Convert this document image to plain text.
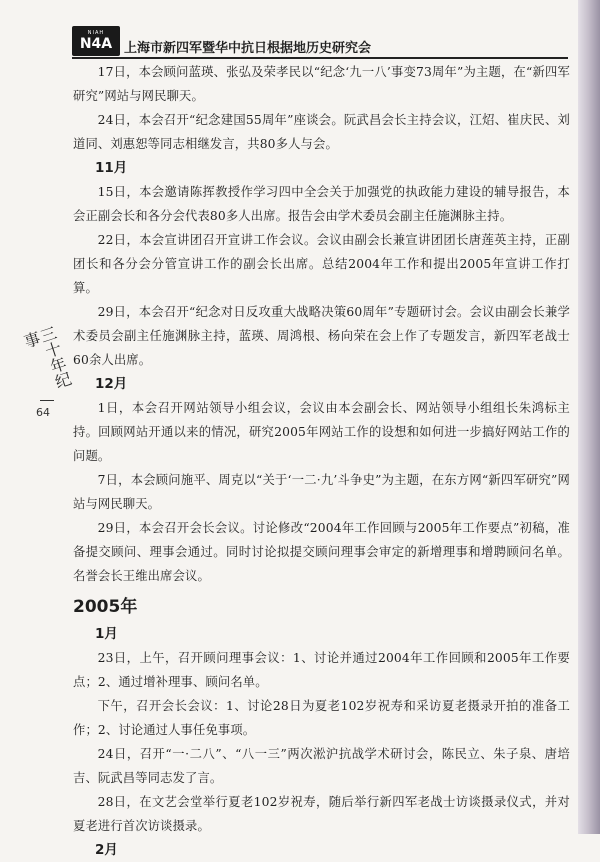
NIAH
N4A 上海市新四军暨华中抗日根据地历史研究会
三十年纪事
64

17日，本会顾问蓝瑛、张弘及荣孝民以“纪念‘九一八’事变73周年”为主题，在“新四军研究”网站与网民聊天。

24日，本会召开“纪念建国55周年”座谈会。阮武昌会长主持会议，江炤、崔庆民、刘道同、刘惠恕等同志相继发言，共80多人与会。

11月

15日，本会邀请陈挥教授作学习四中全会关于加强党的执政能力建设的辅导报告，本会正副会长和各分会代表80多人出席。报告会由学术委员会副主任施渊脉主持。

22日，本会宣讲团召开宣讲工作会议。会议由副会长兼宣讲团团长唐莲英主持，正副团长和各分会分管宣讲工作的副会长出席。总结2004年工作和提出2005年宣讲工作打算。

29日，本会召开“纪念对日反攻重大战略决策60周年”专题研讨会。会议由副会长兼学术委员会副主任施渊脉主持，蓝瑛、周鸿根、杨向荣在会上作了专题发言，新四军老战士60余人出席。

12月

1日，本会召开网站领导小组会议，会议由本会副会长、网站领导小组组长朱鸿标主持。回顾网站开通以来的情况，研究2005年网站工作的设想和如何进一步搞好网站工作的问题。

7日，本会顾问施平、周克以“关于‘一二·九’斗争史”为主题，在东方网“新四军研究”网站与网民聊天。

29日，本会召开会长会议。讨论修改“2004年工作回顾与2005年工作要点”初稿，准备提交顾问、理事会通过。同时讨论拟提交顾问理事会审定的新增理事和增聘顾问名单。名誉会长王维出席会议。

2005年
1月

23日，上午，召开顾问理事会议：1、讨论并通过2004年工作回顾和2005年工作要点；2、通过增补理事、顾问名单。

下午，召开会长会议：1、讨论28日为夏老102岁祝寿和采访夏老摄录开拍的准备工作；2、讨论通过人事任免事项。

24日，召开“一·二八”、“八一三”两次淞沪抗战学术研讨会，陈民立、朱子泉、唐培吉、阮武昌等同志发了言。

28日，在文艺会堂举行夏老102岁祝寿，随后举行新四军老战士访谈摄录仪式，并对夏老进行首次访谈摄录。

2月
